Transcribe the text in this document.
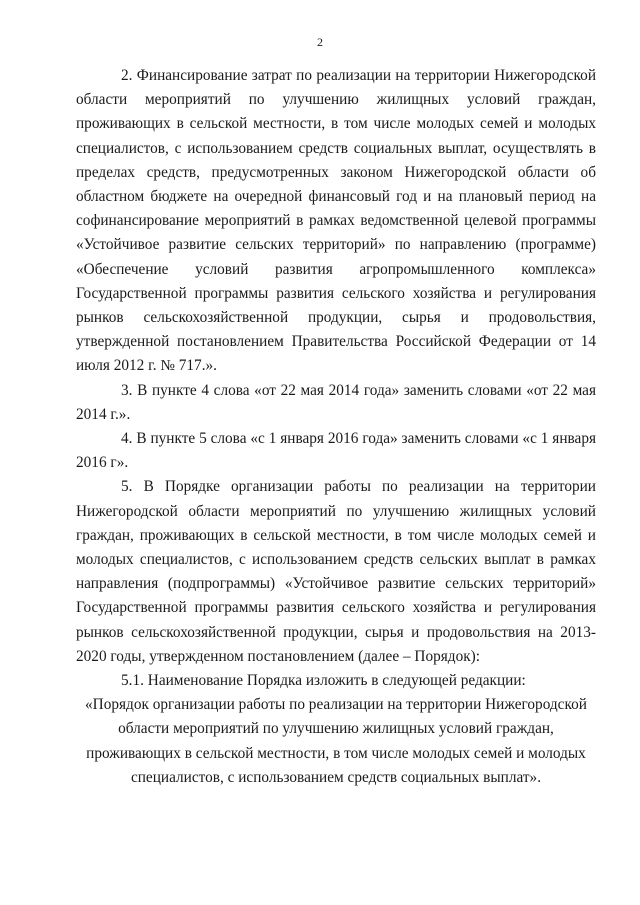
2

2. Финансирование затрат по реализации на территории Нижегородской области мероприятий по улучшению жилищных условий граждан, проживающих в сельской местности, в том числе молодых семей и молодых специалистов, с использованием средств социальных выплат, осуществлять в пределах средств, предусмотренных законом Нижегородской области об областном бюджете на очередной финансовый год и на плановый период на софинансирование мероприятий в рамках ведомственной целевой программы «Устойчивое развитие сельских территорий» по направлению (программе) «Обеспечение условий развития агропромышленного комплекса» Государственной программы развития сельского хозяйства и регулирования рынков сельскохозяйственной продукции, сырья и продовольствия, утвержденной постановлением Правительства Российской Федерации от 14 июля 2012 г. № 717.».

3. В пункте 4 слова «от 22 мая 2014 года» заменить словами «от 22 мая 2014 г.».

4. В пункте 5 слова «с 1 января 2016 года» заменить словами «с 1 января 2016 г».

5. В Порядке организации работы по реализации на территории Нижегородской области мероприятий по улучшению жилищных условий граждан, проживающих в сельской местности, в том числе молодых семей и молодых специалистов, с использованием средств сельских выплат в рамках направления (подпрограммы) «Устойчивое развитие сельских территорий» Государственной программы развития сельского хозяйства и регулирования рынков сельскохозяйственной продукции, сырья и продовольствия на 2013-2020 годы, утвержденном постановлением (далее – Порядок):

5.1. Наименование Порядка изложить в следующей редакции:

«Порядок организации работы по реализации на территории Нижегородской области мероприятий по улучшению жилищных условий граждан, проживающих в сельской местности, в том числе молодых семей и молодых специалистов, с использованием средств социальных выплат».
